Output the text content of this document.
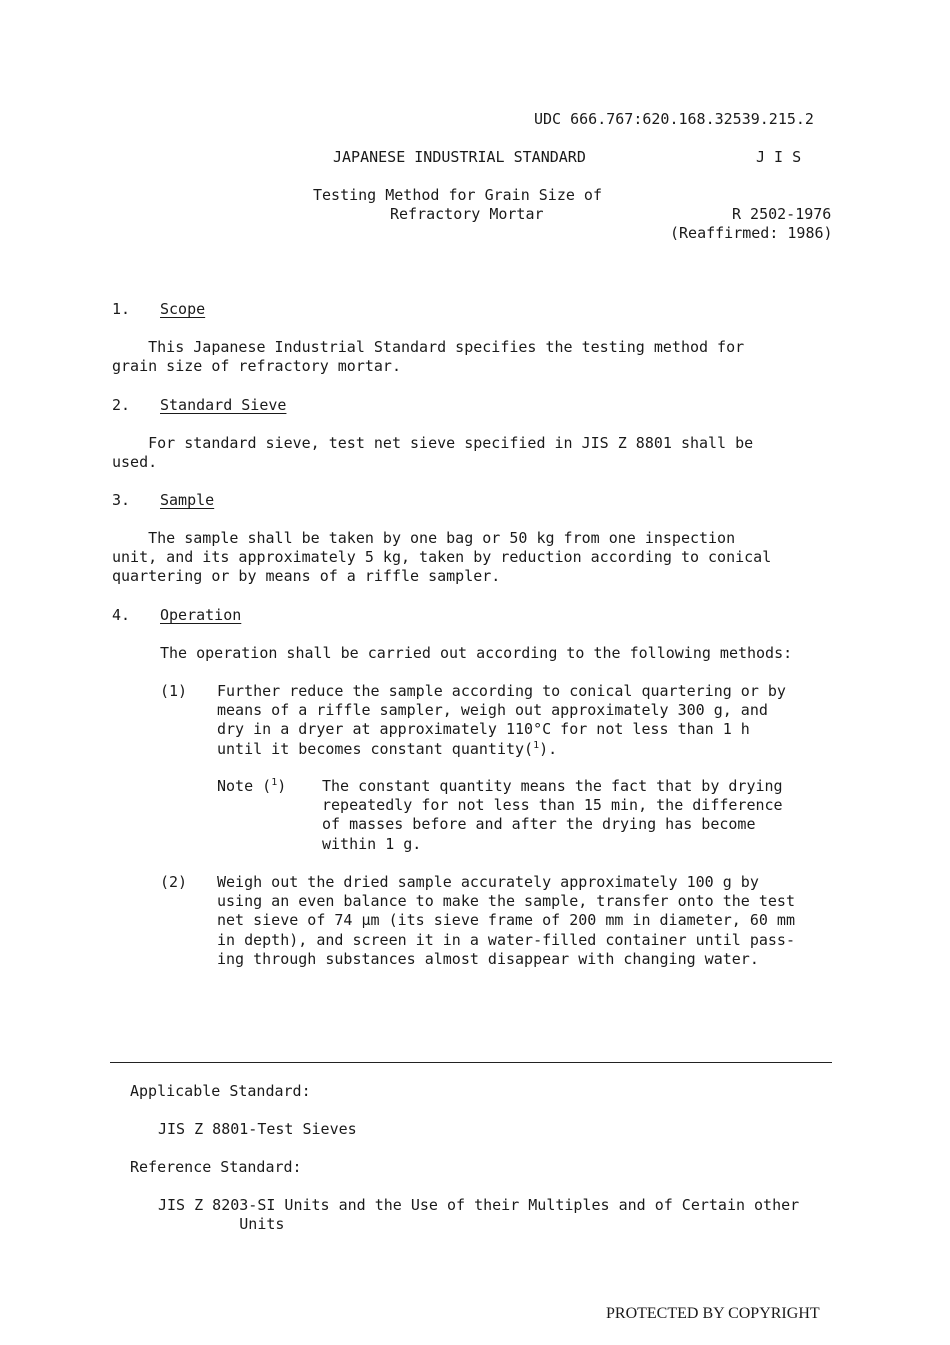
UDC 666.767:620.168.32539.215.2
JAPANESE INDUSTRIAL STANDARD	J I S
Testing Method for Grain Size of
Refractory Mortar	R 2502-1976
(Reaffirmed: 1986)
1. Scope
This Japanese Industrial Standard specifies the testing method for
grain size of refractory mortar.
2. Standard Sieve
For standard sieve, test net sieve specified in JIS Z 8801 shall be
used.
3. Sample
The sample shall be taken by one bag or 50 kg from one inspection
unit, and its approximately 5 kg, taken by reduction according to conical
quartering or by means of a riffle sampler.
4. Operation
The operation shall be carried out according to the following methods:
(1) Further reduce the sample according to conical quartering or by
means of a riffle sampler, weigh out approximately 300 g, and
dry in a dryer at approximately 110°C for not less than 1 h
until it becomes constant quantity($^1$).
Note ($^1$) The constant quantity means the fact that by drying
repeatedly for not less than 15 min, the difference
of masses before and after the drying has become
within 1 g.
(2) Weigh out the dried sample accurately approximately 100 g by
using an even balance to make the sample, transfer onto the test
net sieve of 74 µm (its sieve frame of 200 mm in diameter, 60 mm
in depth), and screen it in a water-filled container until pass-
ing through substances almost disappear with changing water.
Applicable Standard:
JIS Z 8801-Test Sieves
Reference Standard:
JIS Z 8203-SI Units and the Use of their Multiples and of Certain other
Units
PROTECTED BY COPYRIGHT
